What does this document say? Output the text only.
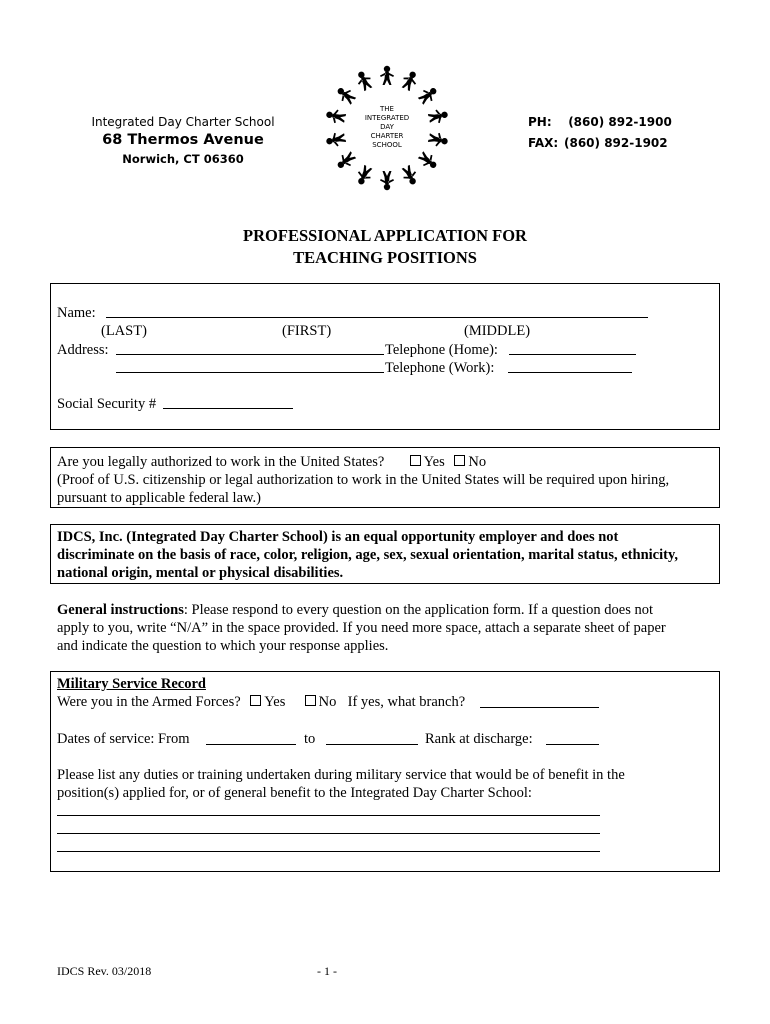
Integrated Day Charter School
68 Thermos Avenue
Norwich, CT 06360
THE
INTEGRATED
DAY
CHARTER
SCHOOL
PH: (860) 892-1900
FAX: (860) 892-1902
PROFESSIONAL APPLICATION FOR
TEACHING POSITIONS
Name:
(LAST)	(FIRST)	(MIDDLE)
Address:	Telephone (Home):
Telephone (Work):
Social Security #
Are you legally authorized to work in the United States?	Yes No
(Proof of U.S. citizenship or legal authorization to work in the United States will be required upon hiring,
pursuant to applicable federal law.)
IDCS, Inc. (Integrated Day Charter School) is an equal opportunity employer and does not
discriminate on the basis of race, color, religion, age, sex, sexual orientation, marital status, ethnicity,
national origin, mental or physical disabilities.
General instructions: Please respond to every question on the application form. If a question does not
apply to you, write “N/A” in the space provided. If you need more space, attach a separate sheet of paper
and indicate the question to which your response applies.
Military Service Record
Were you in the Armed Forces? Yes No If yes, what branch?
Dates of service: From	to	Rank at discharge:
Please list any duties or training undertaken during military service that would be of benefit in the
position(s) applied for, or of general benefit to the Integrated Day Charter School:
IDCS Rev. 03/2018	- 1 -
